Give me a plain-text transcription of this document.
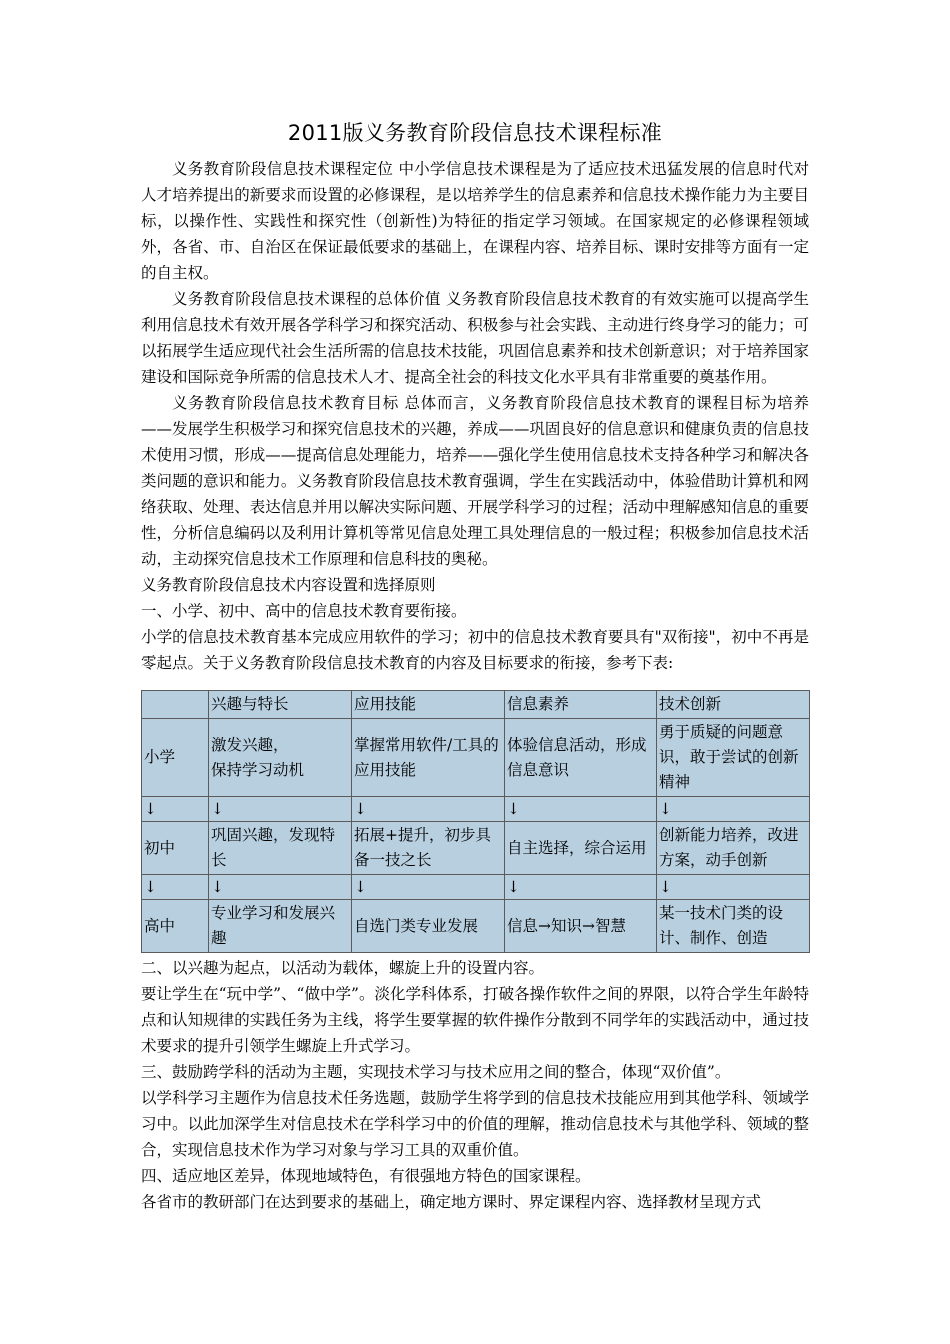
2011版义务教育阶段信息技术课程标准

义务教育阶段信息技术课程定位 中小学信息技术课程是为了适应技术迅猛发展的信息时代对人才培养提出的新要求而设置的必修课程，是以培养学生的信息素养和信息技术操作能力为主要目标，以操作性、实践性和探究性（创新性)为特征的指定学习领域。在国家规定的必修课程领域外，各省、市、自治区在保证最低要求的基础上，在课程内容、培养目标、课时安排等方面有一定的自主权。

义务教育阶段信息技术课程的总体价值 义务教育阶段信息技术教育的有效实施可以提高学生利用信息技术有效开展各学科学习和探究活动、积极参与社会实践、主动进行终身学习的能力；可以拓展学生适应现代社会生活所需的信息技术技能，巩固信息素养和技术创新意识；对于培养国家建设和国际竞争所需的信息技术人才、提高全社会的科技文化水平具有非常重要的奠基作用。

义务教育阶段信息技术教育目标 总体而言，义务教育阶段信息技术教育的课程目标为培养——发展学生积极学习和探究信息技术的兴趣，养成——巩固良好的信息意识和健康负责的信息技术使用习惯，形成——提高信息处理能力，培养——强化学生使用信息技术支持各种学习和解决各类问题的意识和能力。义务教育阶段信息技术教育强调，学生在实践活动中，体验借助计算机和网络获取、处理、表达信息并用以解决实际问题、开展学科学习的过程；活动中理解感知信息的重要性，分析信息编码以及利用计算机等常见信息处理工具处理信息的一般过程；积极参加信息技术活动，主动探究信息技术工作原理和信息科技的奥秘。

义务教育阶段信息技术内容设置和选择原则

一、小学、初中、高中的信息技术教育要衔接。

小学的信息技术教育基本完成应用软件的学习；初中的信息技术教育要具有"双衔接"，初中不再是零起点。关于义务教育阶段信息技术教育的内容及目标要求的衔接，参考下表:

	兴趣与特长	应用技能	信息素养	技术创新

小学	激发兴趣，
保持学习动机	掌握常用软件/工具的应用技能	体验信息活动，形成信息意识	勇于质疑的问题意识，敢于尝试的创新精神

↓	↓	↓	↓	↓

初中	巩固兴趣，发现特长	拓展+提升，初步具备一技之长	自主选择，综合运用	创新能力培养，改进方案，动手创新

↓	↓	↓	↓	↓

高中	专业学习和发展兴趣	自选门类专业发展	信息→知识→智慧	某一技术门类的设计、制作、创造

二、以兴趣为起点，以活动为载体，螺旋上升的设置内容。

要让学生在“玩中学”、“做中学”。淡化学科体系，打破各操作软件之间的界限，以符合学生年龄特点和认知规律的实践任务为主线，将学生要掌握的软件操作分散到不同学年的实践活动中，通过技术要求的提升引领学生螺旋上升式学习。

三、鼓励跨学科的活动为主题，实现技术学习与技术应用之间的整合，体现“双价值”。

以学科学习主题作为信息技术任务选题，鼓励学生将学到的信息技术技能应用到其他学科、领域学习中。以此加深学生对信息技术在学科学习中的价值的理解，推动信息技术与其他学科、领域的整合，实现信息技术作为学习对象与学习工具的双重价值。

四、适应地区差异，体现地域特色，有很强地方特色的国家课程。

各省市的教研部门在达到要求的基础上，确定地方课时、界定课程内容、选择教材呈现方式
